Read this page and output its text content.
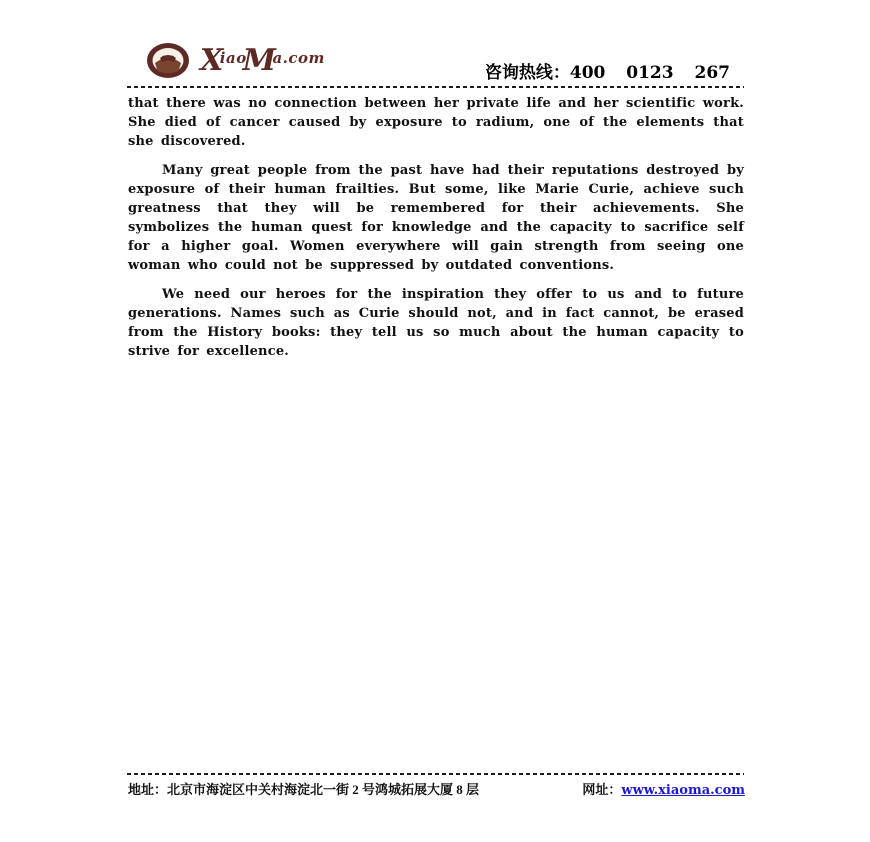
XiaoMa.com
咨询热线：400 0123 267

that there was no connection between her private life and her scientific work. She died of cancer caused by exposure to radium, one of the elements that she discovered.

Many great people from the past have had their reputations destroyed by exposure of their human frailties. But some, like Marie Curie, achieve such greatness that they will be remembered for their achievements. She symbolizes the human quest for knowledge and the capacity to sacrifice self for a higher goal. Women everywhere will gain strength from seeing one woman who could not be suppressed by outdated conventions.

We need our heroes for the inspiration they offer to us and to future generations. Names such as Curie should not, and in fact cannot, be erased from the History books: they tell us so much about the human capacity to strive for excellence.

地址：北京市海淀区中关村海淀北一街 2 号鸿城拓展大厦 8 层	网址：www.xiaoma.com
